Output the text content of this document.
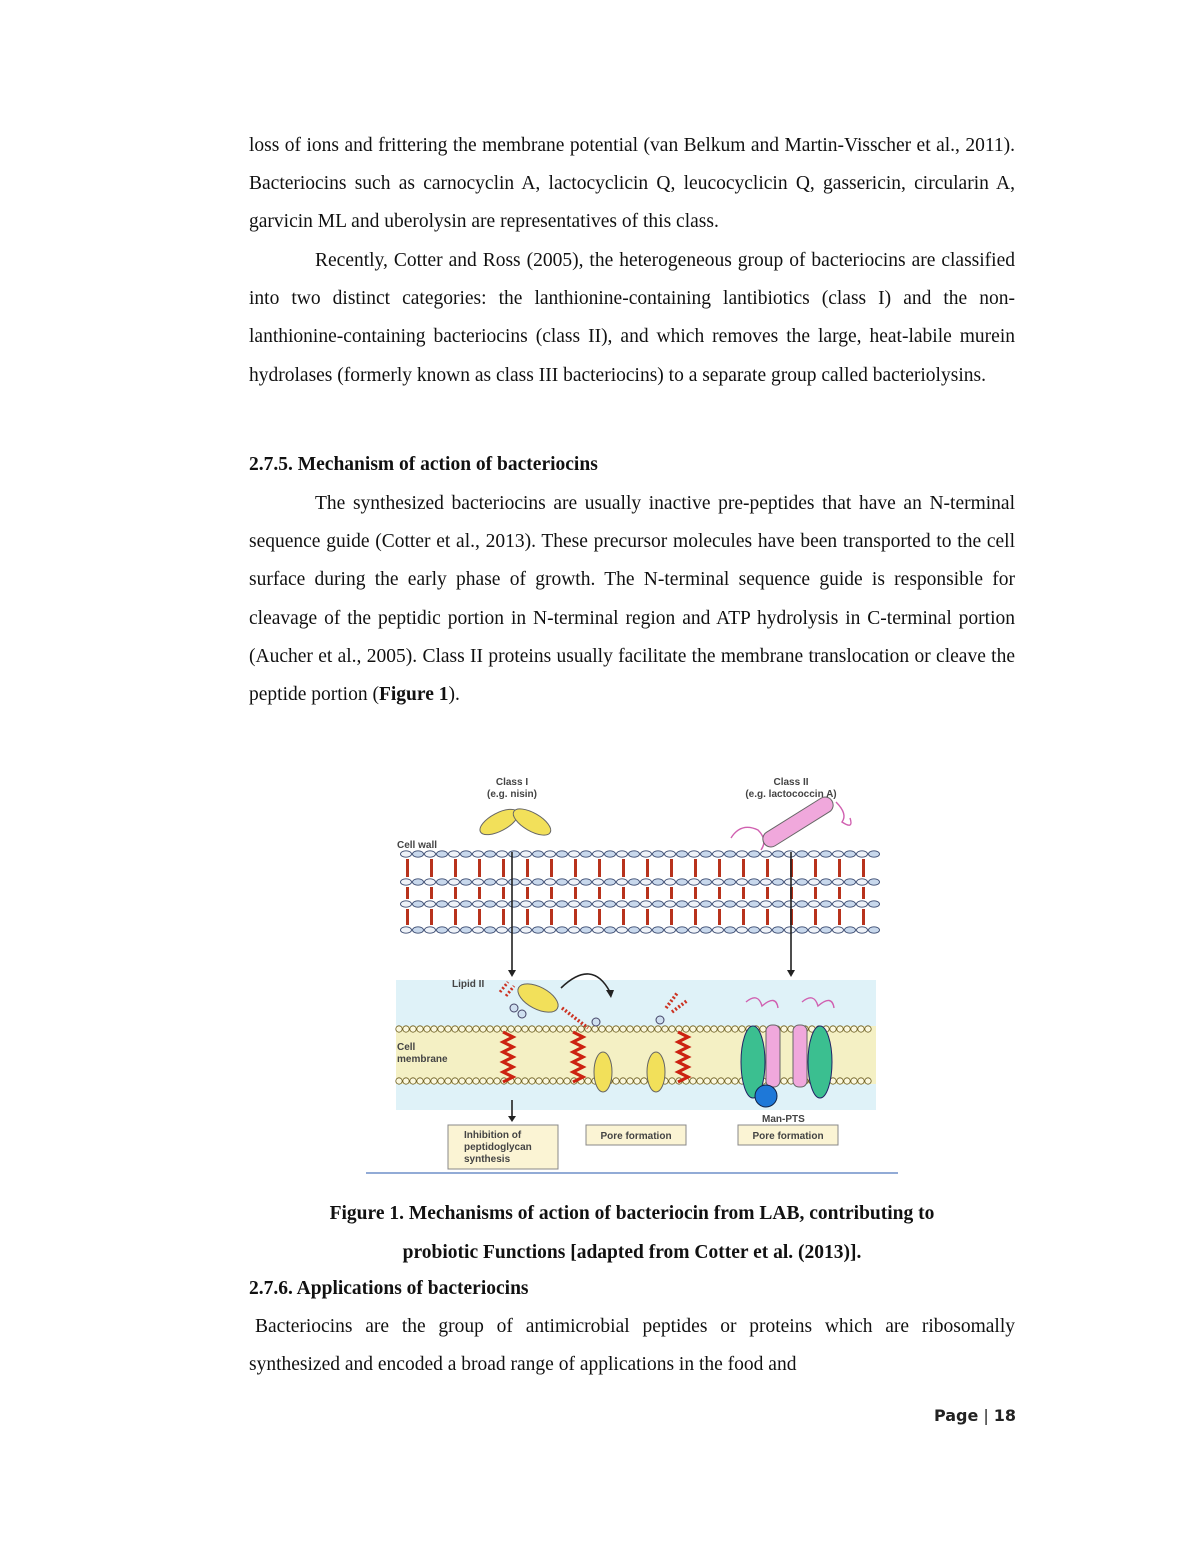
loss of ions and frittering the membrane potential (van Belkum and Martin-Visscher et al., 2011). Bacteriocins such as carnocyclin A, lactocyclicin Q, leucocyclicin Q, gassericin, circularin A, garvicin ML and uberolysin are representatives of this class.

Recently, Cotter and Ross (2005), the heterogeneous group of bacteriocins are classified into two distinct categories: the lanthionine-containing lantibiotics (class I) and the non-lanthionine-containing bacteriocins (class II), and which removes the large, heat-labile murein hydrolases (formerly known as class III bacteriocins) to a separate group called bacteriolysins.

2.7.5. Mechanism of action of bacteriocins

The synthesized bacteriocins are usually inactive pre-peptides that have an N-terminal sequence guide (Cotter et al., 2013). These precursor molecules have been transported to the cell surface during the early phase of growth. The N-terminal sequence guide is responsible for cleavage of the peptidic portion in N-terminal region and ATP hydrolysis in C-terminal portion (Aucher et al., 2005). Class II proteins usually facilitate the membrane translocation or cleave the peptide portion (Figure 1).

Class I
(e.g. nisin)
Class II
(e.g. lactococcin A)
Cell wall
Lipid II
Cell
membrane
Man-PTS
Inhibition of
peptidoglycan
synthesis
Pore formation	Pore formation

Figure 1. Mechanisms of action of bacteriocin from LAB, contributing to
probiotic Functions [adapted from Cotter et al. (2013)].

2.7.6. Applications of bacteriocins

Bacteriocins are the group of antimicrobial peptides or proteins which are ribosomally synthesized and encoded a broad range of applications in the food and

Page | 18
